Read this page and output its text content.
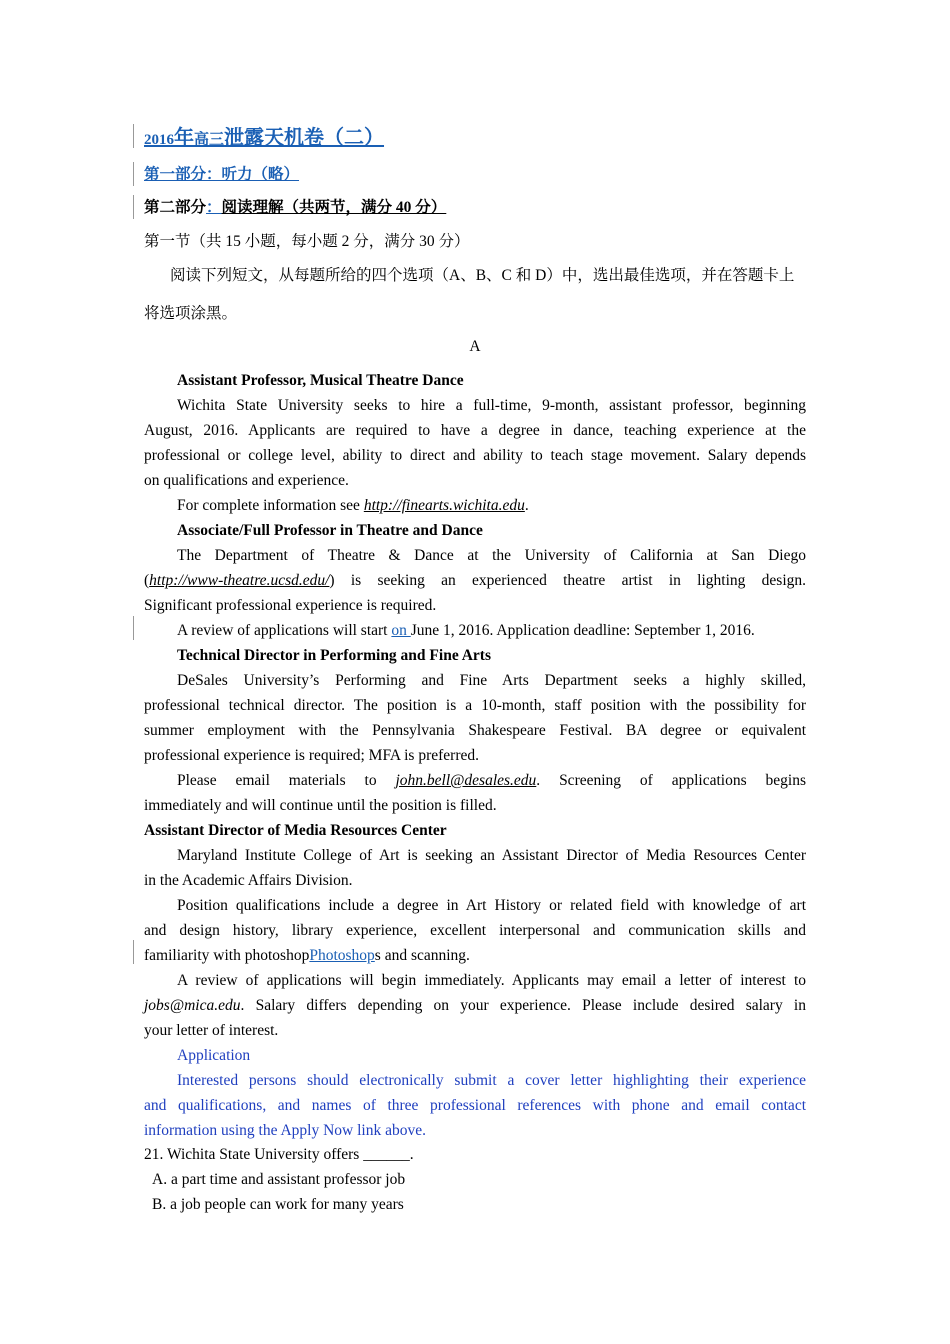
2016年高三泄露天机卷（二）
第一部分：听力（略）
第二部分：阅读理解（共两节，满分 40 分）
第一节（共 15 小题，每小题 2 分，满分 30 分）
阅读下列短文，从每题所给的四个选项（A、B、C 和 D）中，选出最佳选项，并在答题卡上
将选项涂黑。
A
Assistant Professor, Musical Theatre Dance
Wichita State University seeks to hire a full-time, 9-month, assistant professor, beginning
August, 2016. Applicants are required to have a degree in dance, teaching experience at the
professional or college level, ability to direct and ability to teach stage movement. Salary depends
on qualifications and experience.
For complete information see http://finearts.wichita.edu.
Associate/Full Professor in Theatre and Dance
The Department of Theatre & Dance at the University of California at San Diego
(http://www-theatre.ucsd.edu/) is seeking an experienced theatre artist in lighting design.
Significant professional experience is required.
A review of applications will start on June 1, 2016. Application deadline: September 1, 2016.
Technical Director in Performing and Fine Arts
DeSales University’s Performing and Fine Arts Department seeks a highly skilled,
professional technical director. The position is a 10-month, staff position with the possibility for
summer employment with the Pennsylvania Shakespeare Festival. BA degree or equivalent
professional experience is required; MFA is preferred.
Please email materials to john.bell@desales.edu. Screening of applications begins
immediately and will continue until the position is filled.
Assistant Director of Media Resources Center
Maryland Institute College of Art is seeking an Assistant Director of Media Resources Center
in the Academic Affairs Division.
Position qualifications include a degree in Art History or related field with knowledge of art
and design history, library experience, excellent interpersonal and communication skills and
familiarity with photoshopPhotoshops and scanning.
A review of applications will begin immediately. Applicants may email a letter of interest to
jobs@mica.edu. Salary differs depending on your experience. Please include desired salary in
your letter of interest.
Application
Interested persons should electronically submit a cover letter highlighting their experience
and qualifications, and names of three professional references with phone and email contact
information using the Apply Now link above.
21. Wichita State University offers ______.
A. a part time and assistant professor job
B. a job people can work for many years
